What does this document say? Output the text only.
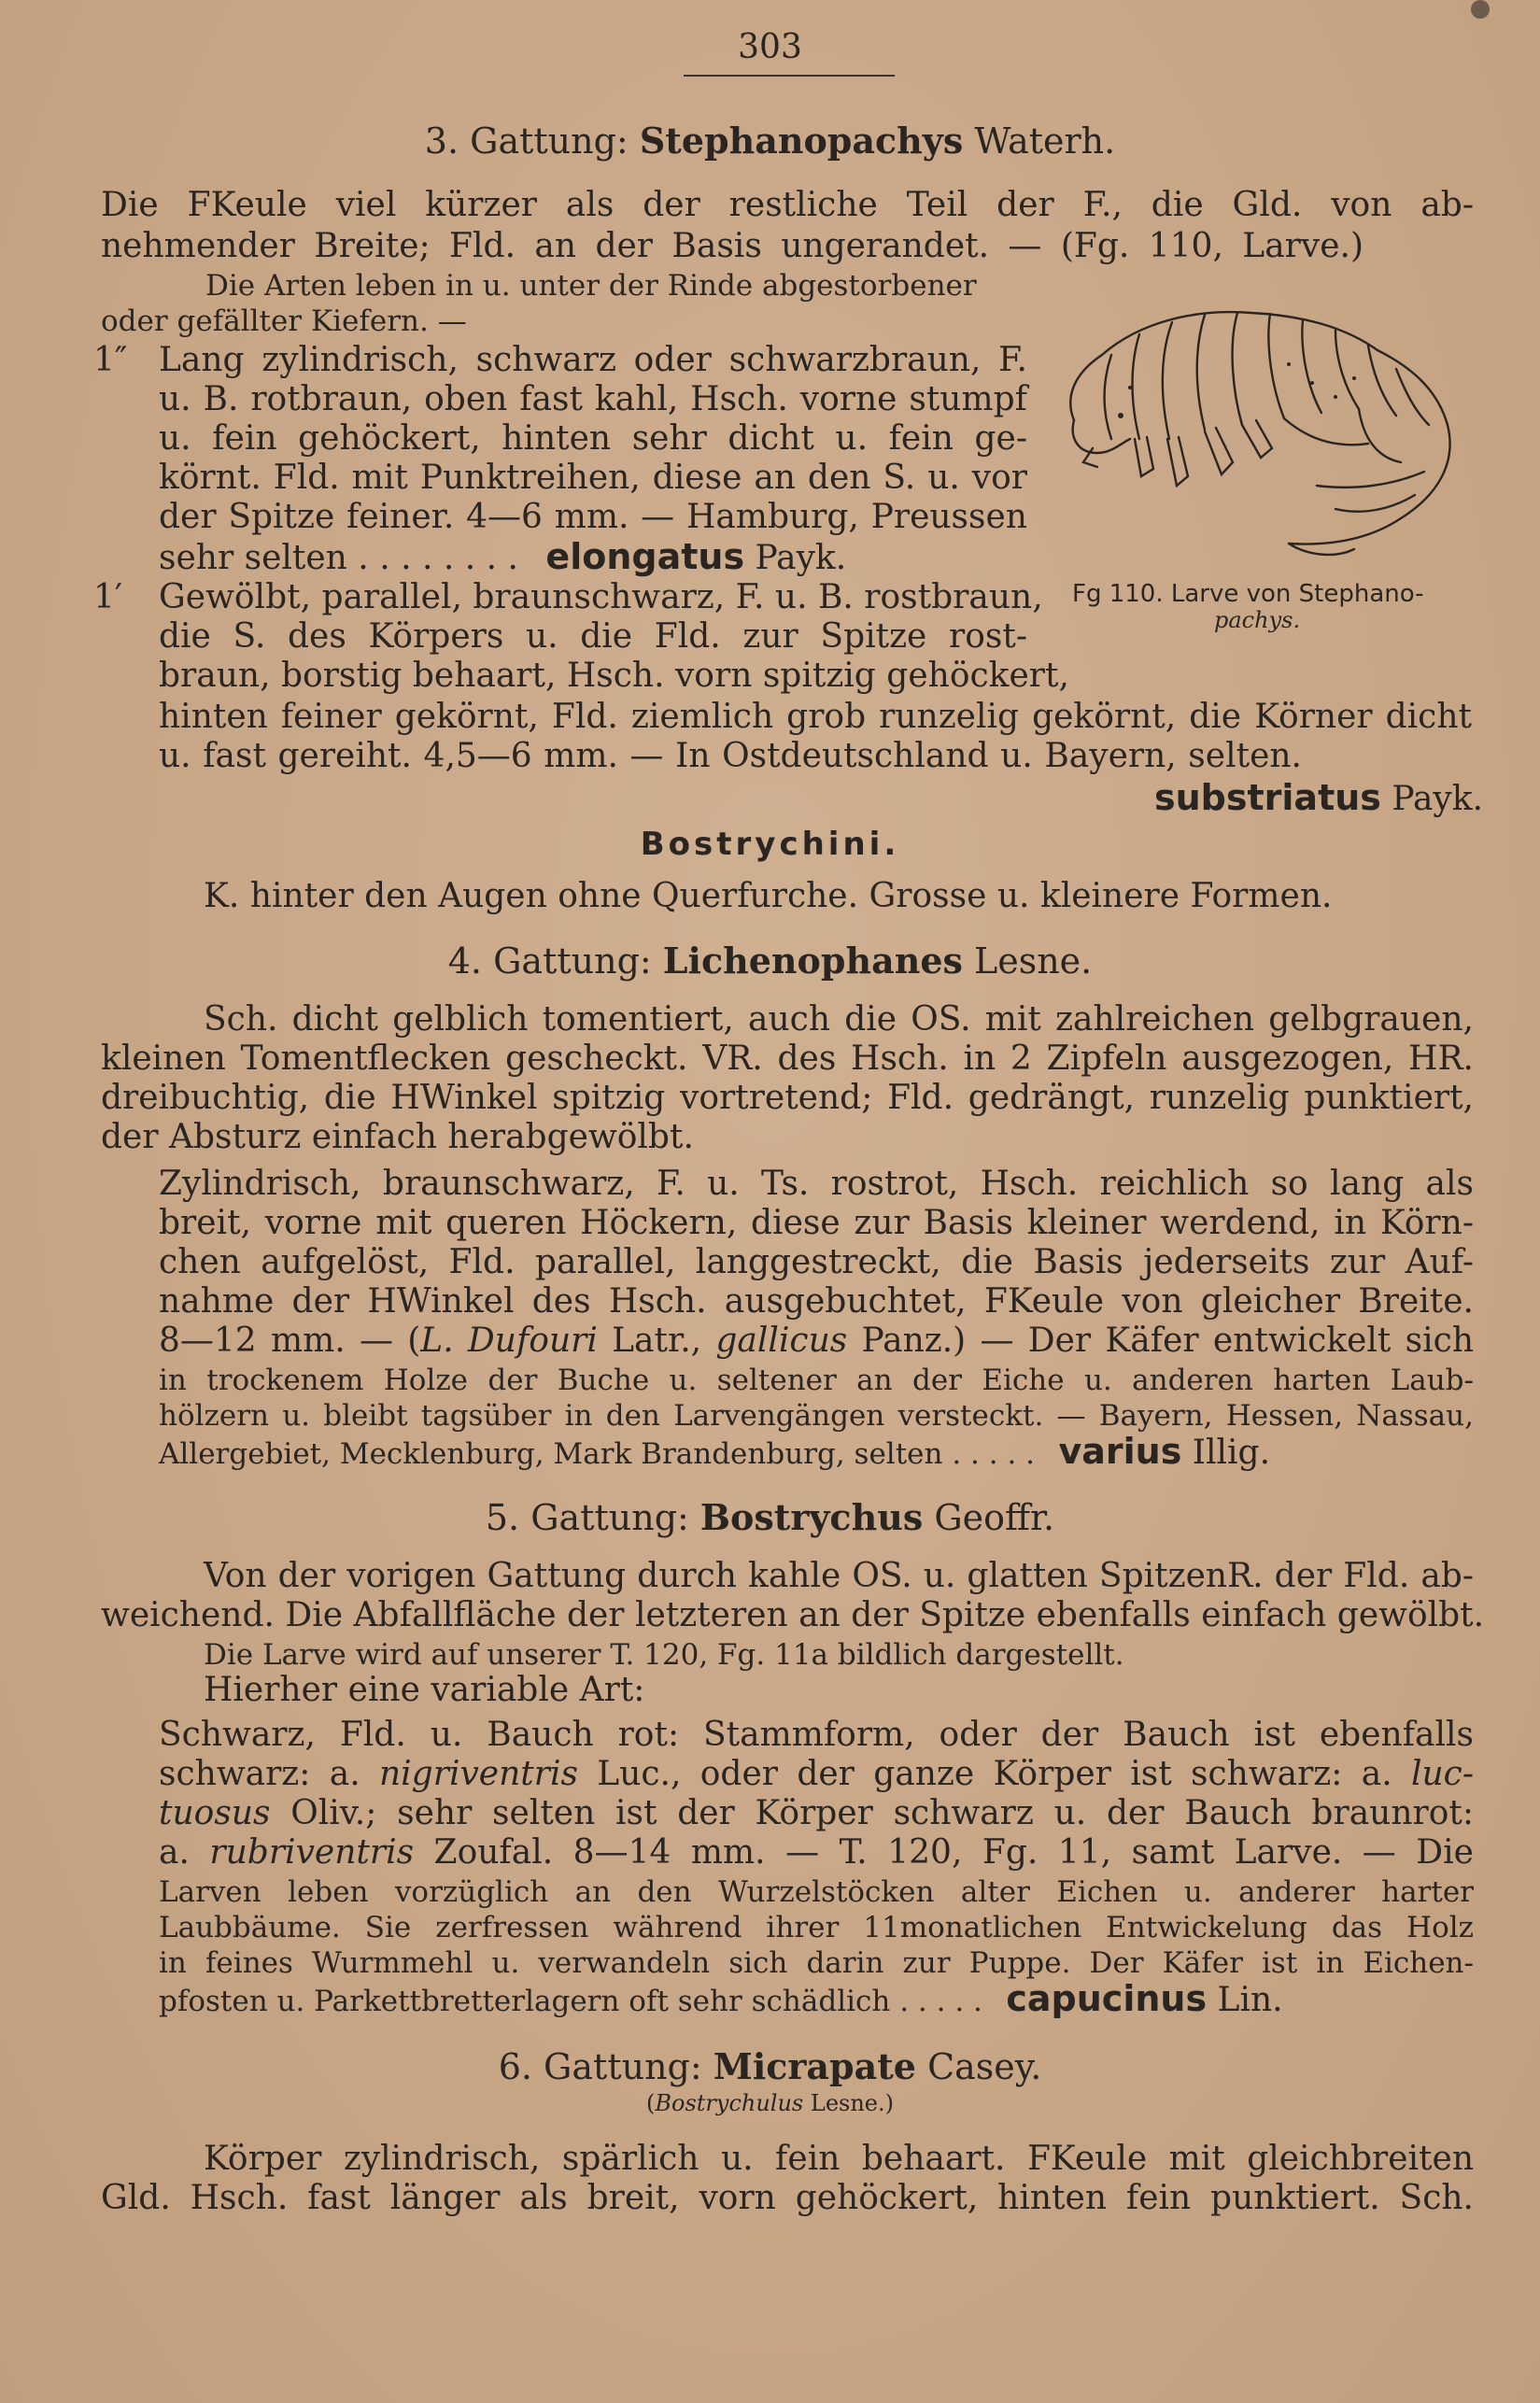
303
3. Gattung: Stephanopachys Waterh.
Die FKeule viel kürzer als der restliche Teil der F., die Gld. von ab-
nehmender Breite; Fld. an der Basis ungerandet. — (Fg. 110, Larve.)
Die Arten leben in u. unter der Rinde abgestorbener
oder gefällter Kiefern. —
1″ Lang zylindrisch, schwarz oder schwarzbraun, F.
u. B. rotbraun, oben fast kahl, Hsch. vorne stumpf
u. fein gehöckert, hinten sehr dicht u. fein ge-
körnt. Fld. mit Punktreihen, diese an den S. u. vor
der Spitze feiner. 4—6 mm. — Hamburg, Preussen
sehr selten . . . . . . . . elongatus Payk.
1′ Gewölbt, parallel, braunschwarz, F. u. B. rostbraun,
die S. des Körpers u. die Fld. zur Spitze rost-
braun, borstig behaart, Hsch. vorn spitzig gehöckert,
hinten feiner gekörnt, Fld. ziemlich grob runzelig gekörnt, die Körner dicht
u. fast gereiht. 4,5—6 mm. — In Ostdeutschland u. Bayern, selten.
substriatus Payk.
Fg 110. Larve von Stephano-
pachys.
Bostrychini.
K. hinter den Augen ohne Querfurche. Grosse u. kleinere Formen.
4. Gattung: Lichenophanes Lesne.
Sch. dicht gelblich tomentiert, auch die OS. mit zahlreichen gelbgrauen,
kleinen Tomentflecken gescheckt. VR. des Hsch. in 2 Zipfeln ausgezogen, HR.
dreibuchtig, die HWinkel spitzig vortretend; Fld. gedrängt, runzelig punktiert,
der Absturz einfach herabgewölbt.
Zylindrisch, braunschwarz, F. u. Ts. rostrot, Hsch. reichlich so lang als
breit, vorne mit queren Höckern, diese zur Basis kleiner werdend, in Körn-
chen aufgelöst, Fld. parallel, langgestreckt, die Basis jederseits zur Auf-
nahme der HWinkel des Hsch. ausgebuchtet, FKeule von gleicher Breite.
8—12 mm. — (L. Dufouri Latr., gallicus Panz.) — Der Käfer entwickelt sich
in trockenem Holze der Buche u. seltener an der Eiche u. anderen harten Laub-
hölzern u. bleibt tagsüber in den Larvengängen versteckt. — Bayern, Hessen, Nassau,
Allergebiet, Mecklenburg, Mark Brandenburg, selten . . . . . varius Illig.
5. Gattung: Bostrychus Geoffr.
Von der vorigen Gattung durch kahle OS. u. glatten SpitzenR. der Fld. ab-
weichend. Die Abfallfläche der letzteren an der Spitze ebenfalls einfach gewölbt.
Die Larve wird auf unserer T. 120, Fg. 11a bildlich dargestellt.
Hierher eine variable Art:
Schwarz, Fld. u. Bauch rot: Stammform, oder der Bauch ist ebenfalls
schwarz: a. nigriventris Luc., oder der ganze Körper ist schwarz: a. luc-
tuosus Oliv.; sehr selten ist der Körper schwarz u. der Bauch braunrot:
a. rubriventris Zoufal. 8—14 mm. — T. 120, Fg. 11, samt Larve. — Die
Larven leben vorzüglich an den Wurzelstöcken alter Eichen u. anderer harter
Laubbäume. Sie zerfressen während ihrer 11monatlichen Entwickelung das Holz
in feines Wurmmehl u. verwandeln sich darin zur Puppe. Der Käfer ist in Eichen-
pfosten u. Parkettbretterlagern oft sehr schädlich . . . . . capucinus Lin.
6. Gattung: Micrapate Casey.
(Bostrychulus Lesne.)
Körper zylindrisch, spärlich u. fein behaart. FKeule mit gleichbreiten
Gld. Hsch. fast länger als breit, vorn gehöckert, hinten fein punktiert. Sch.
